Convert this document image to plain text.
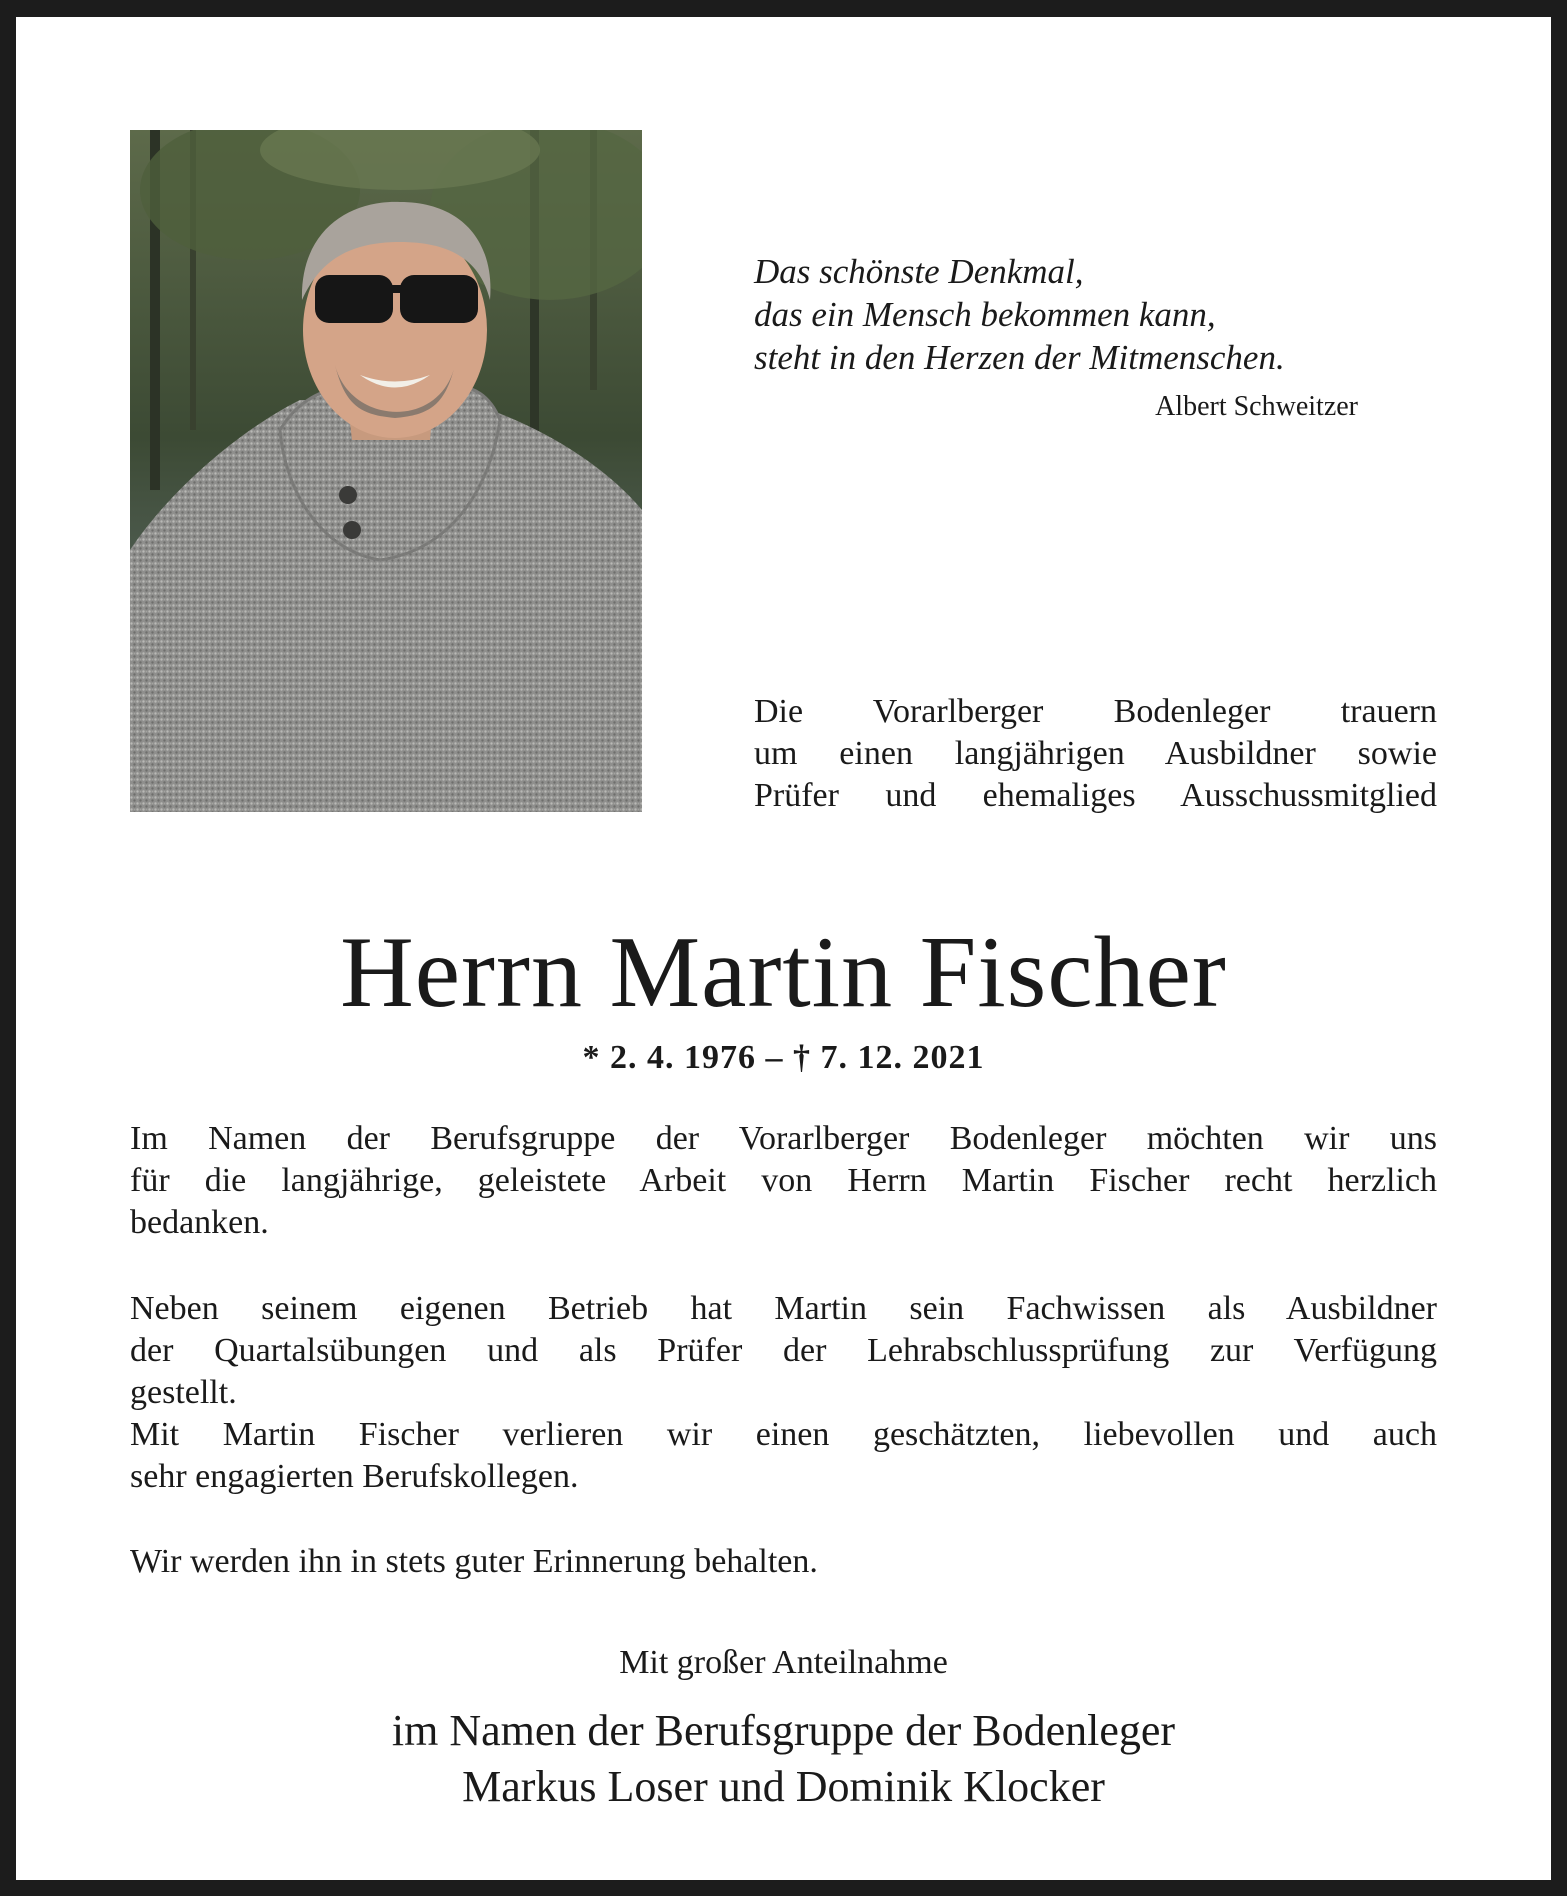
Das schönste Denkmal,
das ein Mensch bekommen kann,
steht in den Herzen der Mitmenschen.
Albert Schweitzer
Die Vorarlberger Bodenleger trauern
um einen langjährigen Ausbildner sowie
Prüfer und ehemaliges Ausschussmitglied
Herrn Martin Fischer
* 2. 4. 1976 – † 7. 12. 2021
Im Namen der Berufsgruppe der Vorarlberger Bodenleger möchten wir uns
für die langjährige, geleistete Arbeit von Herrn Martin Fischer recht herzlich
bedanken.
Neben seinem eigenen Betrieb hat Martin sein Fachwissen als Ausbildner
der Quartalsübungen und als Prüfer der Lehrabschlussprüfung zur Verfügung
gestellt.
Mit Martin Fischer verlieren wir einen geschätzten, liebevollen und auch
sehr engagierten Berufskollegen.
Wir werden ihn in stets guter Erinnerung behalten.
Mit großer Anteilnahme
im Namen der Berufsgruppe der Bodenleger
Markus Loser und Dominik Klocker
